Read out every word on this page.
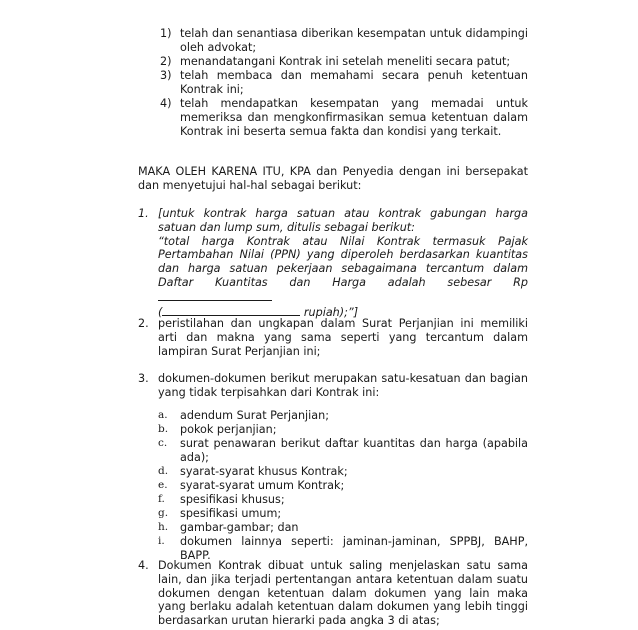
1) telah dan senantiasa diberikan kesempatan untuk didampingi oleh advokat;
2) menandatangani Kontrak ini setelah meneliti secara patut;
3) telah membaca dan memahami secara penuh ketentuan Kontrak ini;
4) telah mendapatkan kesempatan yang memadai untuk memeriksa dan mengkonfirmasikan semua ketentuan dalam Kontrak ini beserta semua fakta dan kondisi yang terkait.
MAKA OLEH KARENA ITU, KPA dan Penyedia dengan ini bersepakat dan menyetujui hal-hal sebagai berikut:
1. [untuk kontrak harga satuan atau kontrak gabungan harga satuan dan lump sum, ditulis sebagai berikut:
“total harga Kontrak atau Nilai Kontrak termasuk Pajak Pertambahan Nilai (PPN) yang diperoleh berdasarkan kuantitas dan harga satuan pekerjaan sebagaimana tercantum dalam Daftar Kuantitas dan Harga adalah sebesar Rp
(	rupiah);”]
2. peristilahan dan ungkapan dalam Surat Perjanjian ini memiliki arti dan makna yang sama seperti yang tercantum dalam lampiran Surat Perjanjian ini;
3. dokumen-dokumen berikut merupakan satu-kesatuan dan bagian yang tidak terpisahkan dari Kontrak ini:
a. adendum Surat Perjanjian;
b. pokok perjanjian;
c. surat penawaran berikut daftar kuantitas dan harga (apabila ada);
d. syarat-syarat khusus Kontrak;
e. syarat-syarat umum Kontrak;
f. spesifikasi khusus;
g. spesifikasi umum;
h. gambar-gambar; dan
i. dokumen lainnya seperti: jaminan-jaminan, SPPBJ, BAHP, BAPP.
4. Dokumen Kontrak dibuat untuk saling menjelaskan satu sama lain, dan jika terjadi pertentangan antara ketentuan dalam suatu dokumen dengan ketentuan dalam dokumen yang lain maka yang berlaku adalah ketentuan dalam dokumen yang lebih tinggi berdasarkan urutan hierarki pada angka 3 di atas;
